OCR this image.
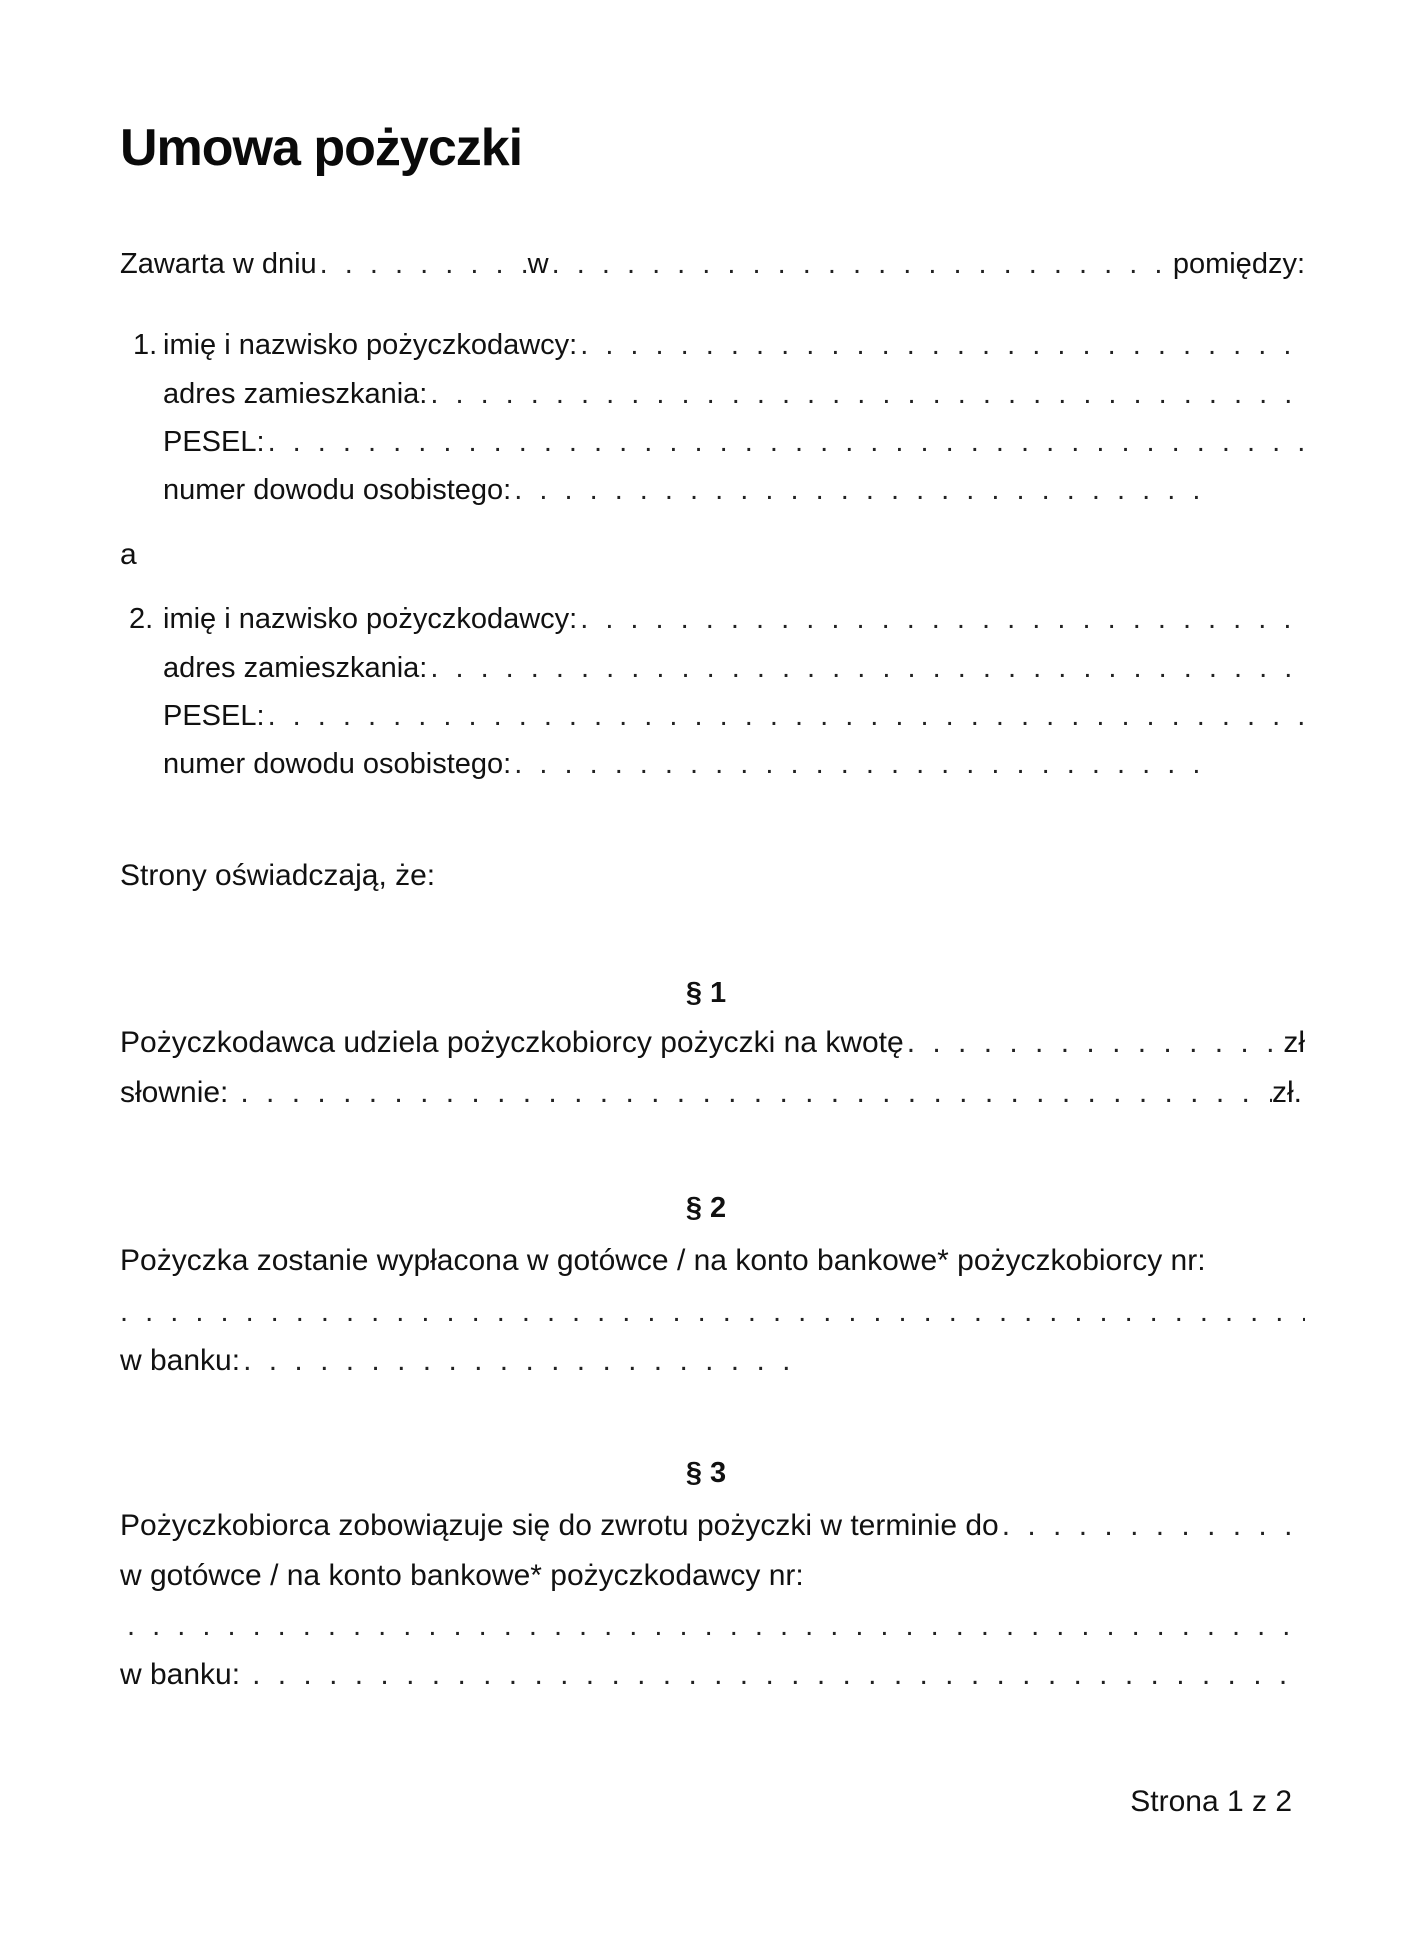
Umowa pożyczki
Zawarta w dniu . . .	w . . .	pomiędzy:
1. imię i nazwisko pożyczkodawcy:
. . .
adres zamieszkania:
. . .
PESEL:
. . .
numer dowodu osobistego:
. . .
a
2. imię i nazwisko pożyczkodawcy:
. . .
adres zamieszkania:
. . .
PESEL:
. . .
numer dowodu osobistego:
. . .
Strony oświadczają, że:
§ 1
Pożyczkodawca udziela pożyczkobiorcy pożyczki na kwotę . . .	zł
słownie: . . .	zł.
§ 2
Pożyczka zostanie wypłacona w gotówce / na konto bankowe* pożyczkobiorcy nr:
. . .
w banku:
. . .
§ 3
Pożyczkobiorca zobowiązuje się do zwrotu pożyczki w terminie do
. . .
w gotówce / na konto bankowe* pożyczkodawcy nr:
. . .
w banku:
. . .
Strona 1 z 2
